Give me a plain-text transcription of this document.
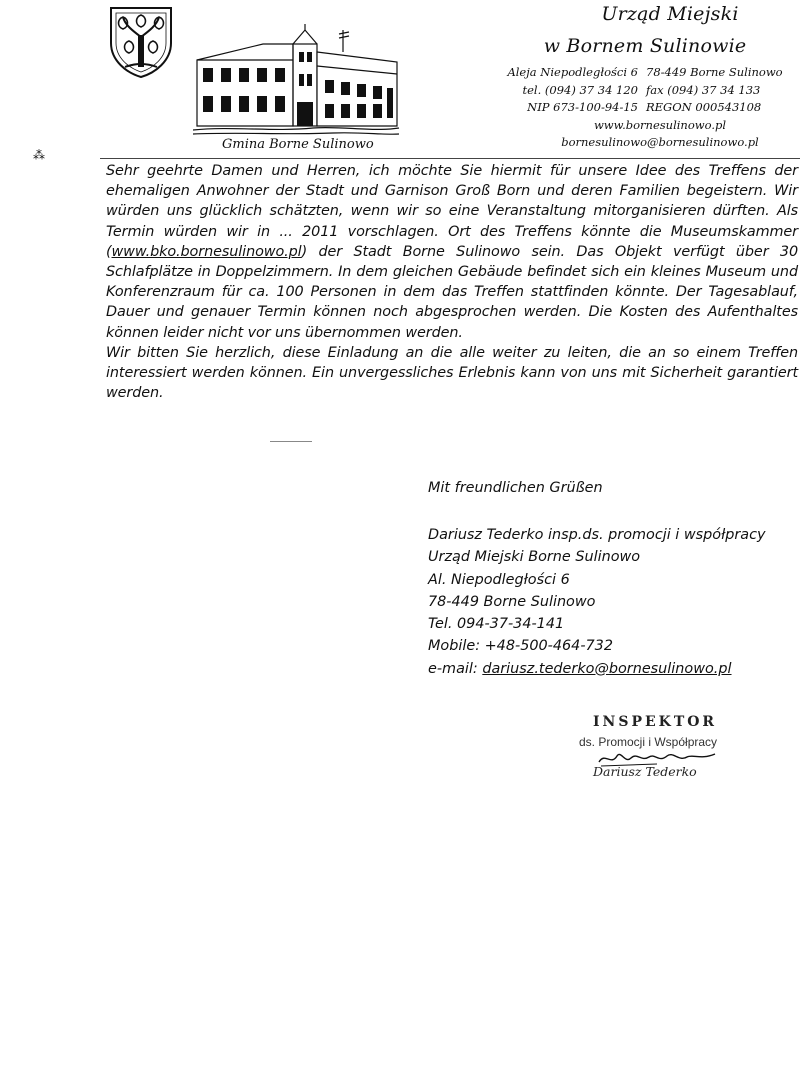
Gmina Borne Sulinowo
Urząd Miejski
w Bornem Sulinowie
Aleja Niepodległości 6 78-449 Borne Sulinowo
tel. (094) 37 34 120 fax (094) 37 34 133
NIP 673-100-94-15 REGON 000543108
www.bornesulinowo.pl
bornesulinowo@bornesulinowo.pl
⁂

Sehr geehrte Damen und Herren, ich möchte Sie hiermit für unsere Idee des Treffens der ehemaligen Anwohner der Stadt und Garnison Groß Born und deren Familien begeistern. Wir würden uns glücklich schätzten, wenn wir so eine Veranstaltung mitorganisieren dürften. Als Termin würden wir in ... 2011 vorschlagen. Ort des Treffens könnte die Museumskammer (www.bko.bornesulinowo.pl) der Stadt Borne Sulinowo sein. Das Objekt verfügt über 30 Schlafplätze in Doppelzimmern. In dem gleichen Gebäude befindet sich ein kleines Museum und Konferenzraum für ca. 100 Personen in dem das Treffen stattfinden könnte. Der Tagesablauf, Dauer und genauer Termin können noch abgesprochen werden. Die Kosten des Aufenthaltes können leider nicht vor uns übernommen werden.

Wir bitten Sie herzlich, diese Einladung an die alle weiter zu leiten, die an so einem Treffen interessiert werden können. Ein unvergessliches Erlebnis kann von uns mit Sicherheit garantiert werden.

Mit freundlichen Grüßen
Dariusz Tederko insp.ds. promocji i współpracy
Urząd Miejski Borne Sulinowo
Al. Niepodległości 6
78-449 Borne Sulinowo
Tel. 094-37-34-141
Mobile: +48-500-464-732
e-mail: dariusz.tederko@bornesulinowo.pl
INSPEKTOR
ds. Promocji i Współpracy
Dariusz Tederko
